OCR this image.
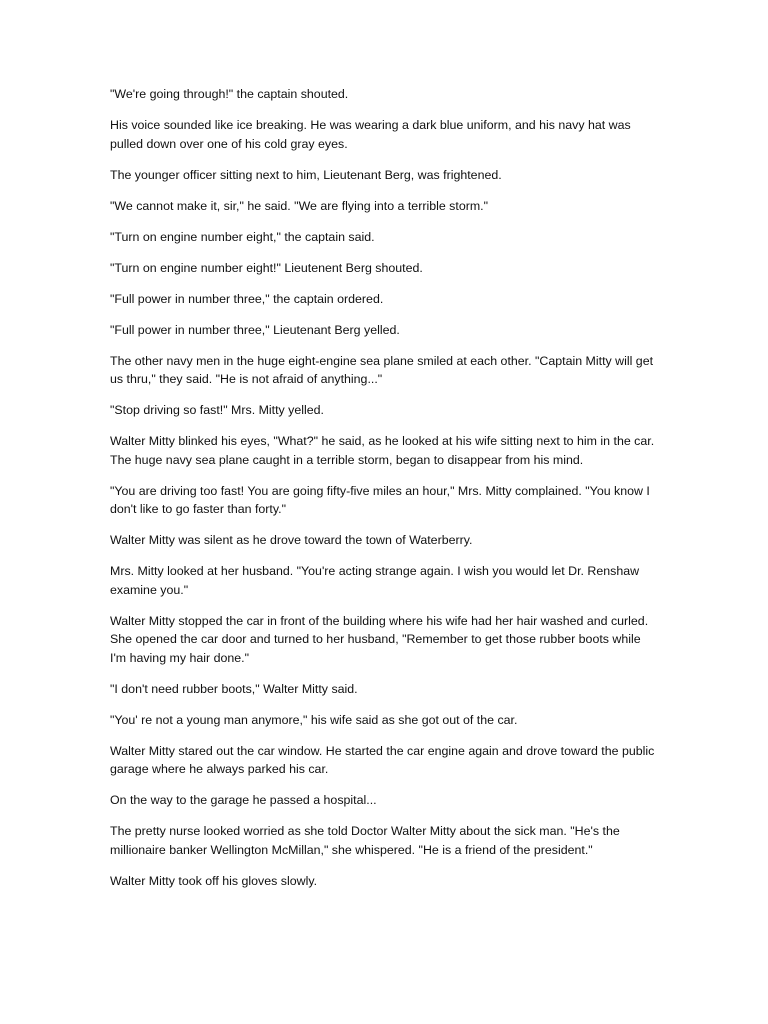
"We're going through!" the captain shouted.

His voice sounded like ice breaking. He was wearing a dark blue uniform, and his navy hat was pulled down over one of his cold gray eyes.

The younger officer sitting next to him, Lieutenant Berg, was frightened.

"We cannot make it, sir," he said. "We are flying into a terrible storm."

"Turn on engine number eight," the captain said.

"Turn on engine number eight!" Lieutenent Berg shouted.

"Full power in number three," the captain ordered.

"Full power in number three," Lieutenant Berg yelled.

The other navy men in the huge eight-engine sea plane smiled at each other. "Captain Mitty will get us thru," they said. "He is not afraid of anything..."

"Stop driving so fast!" Mrs. Mitty yelled.

Walter Mitty blinked his eyes, "What?" he said, as he looked at his wife sitting next to him in the car. The huge navy sea plane caught in a terrible storm, began to disappear from his mind.

"You are driving too fast! You are going fifty-five miles an hour," Mrs. Mitty complained. "You know I don't like to go faster than forty."

Walter Mitty was silent as he drove toward the town of Waterberry.

Mrs. Mitty looked at her husband. "You're acting strange again. I wish you would let Dr. Renshaw examine you."

Walter Mitty stopped the car in front of the building where his wife had her hair washed and curled. She opened the car door and turned to her husband, "Remember to get those rubber boots while I'm having my hair done."

"I don't need rubber boots," Walter Mitty said.

"You' re not a young man anymore," his wife said as she got out of the car.

Walter Mitty stared out the car window. He started the car engine again and drove toward the public garage where he always parked his car.

On the way to the garage he passed a hospital...

The pretty nurse looked worried as she told Doctor Walter Mitty about the sick man. "He's the millionaire banker Wellington McMillan," she whispered. "He is a friend of the president."

Walter Mitty took off his gloves slowly.
